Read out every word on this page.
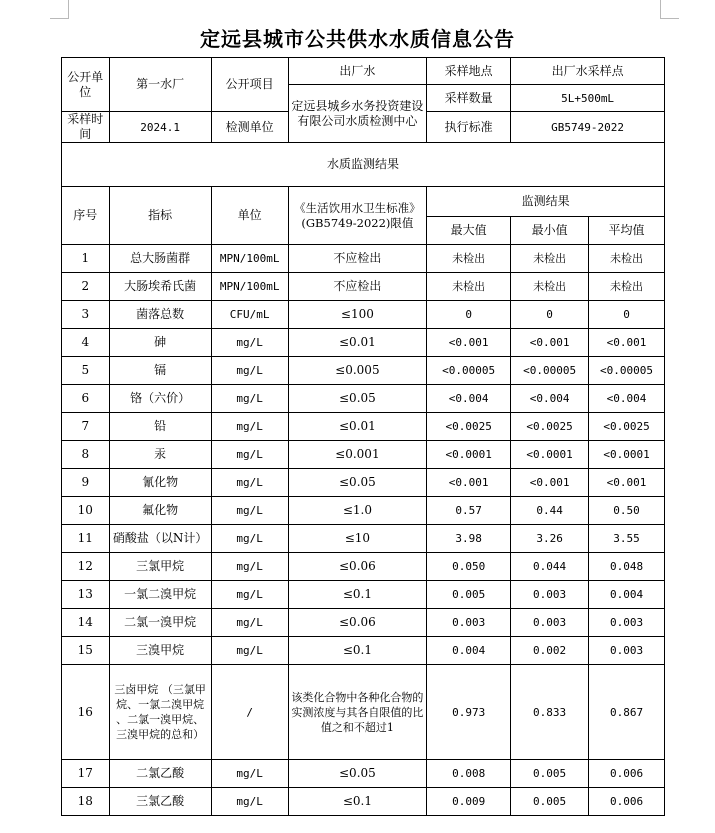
定远县城市公共供水水质信息公告
公开单位	第一水厂	公开项目	出厂水	采样地点	出厂水采样点	
			定远县城乡水务投资建设有限公司水质检测中心	采样数量	5L+500mL	
采样时间	2024.1	检测单位		执行标准	GB5749-2022	
水质监测结果						
序号	指标	单位	《生活饮用水卫生标准》(GB5749-2022)限值	监测结果		
				最大值	最小值	平均值
1	总大肠菌群	MPN/100mL	不应检出	未检出	未检出	未检出
2	大肠埃希氏菌	MPN/100mL	不应检出	未检出	未检出	未检出
3	菌落总数	CFU/mL	≤100	0	0	0
4	砷	mg/L	≤0.01	<0.001	<0.001	<0.001
5	镉	mg/L	≤0.005	<0.00005	<0.00005	<0.00005
6	铬（六价）	mg/L	≤0.05	<0.004	<0.004	<0.004
7	铅	mg/L	≤0.01	<0.0025	<0.0025	<0.0025
8	汞	mg/L	≤0.001	<0.0001	<0.0001	<0.0001
9	氰化物	mg/L	≤0.05	<0.001	<0.001	<0.001
10	氟化物	mg/L	≤1.0	0.57	0.44	0.50
11	硝酸盐（以N计）	mg/L	≤10	3.98	3.26	3.55
12	三氯甲烷	mg/L	≤0.06	0.050	0.044	0.048
13	一氯二溴甲烷	mg/L	≤0.1	0.005	0.003	0.004
14	二氯一溴甲烷	mg/L	≤0.06	0.003	0.003	0.003
15	三溴甲烷	mg/L	≤0.1	0.004	0.002	0.003
16	三卤甲烷 （三氯甲烷、一氯二溴甲烷 、二氯一溴甲烷、三溴甲烷的总和）	/	该类化合物中各种化合物的实测浓度与其各自限值的比值之和不超过1	0.973	0.833	0.867
17	二氯乙酸	mg/L	≤0.05	0.008	0.005	0.006
18	三氯乙酸	mg/L	≤0.1	0.009	0.005	0.006
